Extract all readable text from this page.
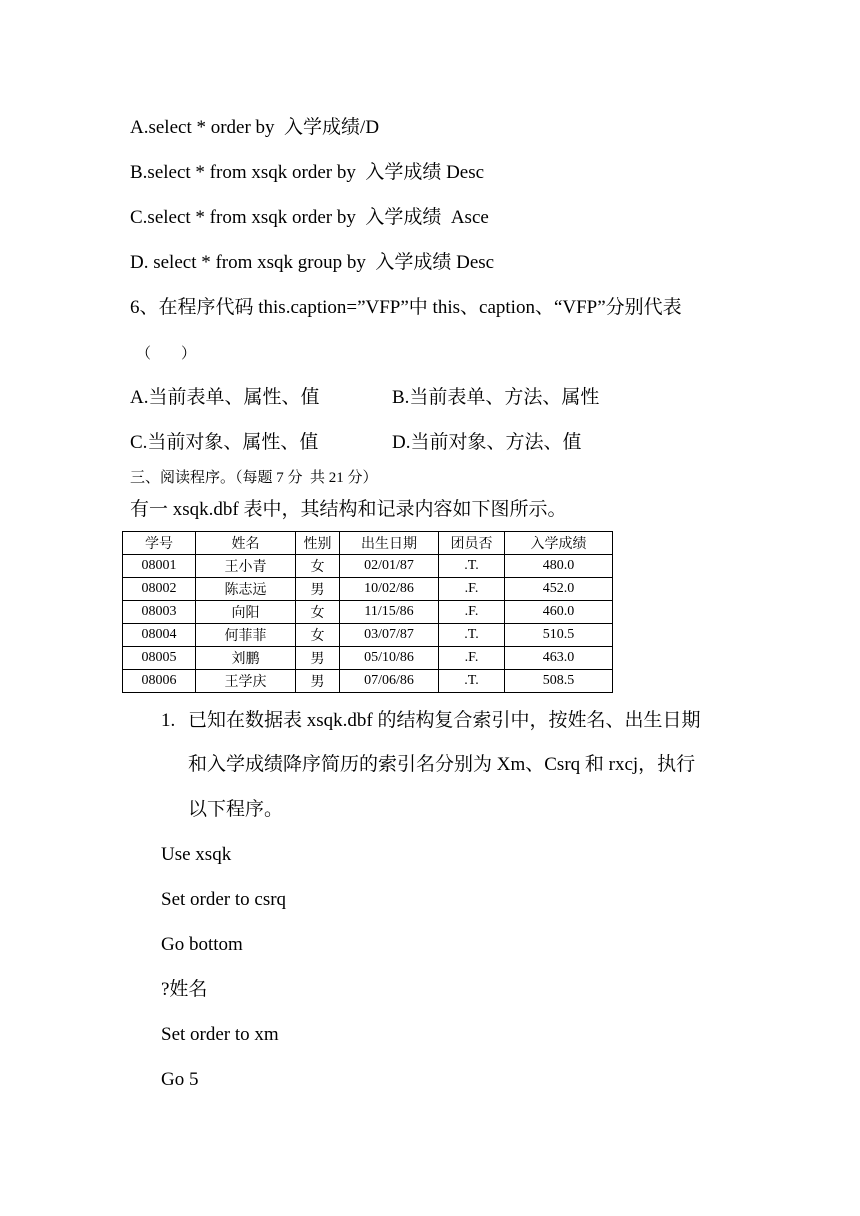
A.select * order by  入学成绩/D
B.select * from xsqk order by  入学成绩 Desc
C.select * from xsqk order by  入学成绩  Asce
D. select * from xsqk group by  入学成绩 Desc
6、在程序代码 this.caption=”VFP”中 this、caption、“VFP”分别代表
（　　）
A.当前表单、属性、值	B.当前表单、方法、属性
C.当前对象、属性、值	D.当前对象、方法、值
三、阅读程序。（每题 7 分  共 21 分）
有一 xsqk.dbf 表中，其结构和记录内容如下图所示。
学号	姓名	性别	出生日期	团员否	入学成绩
08001	王小青	女	02/01/87	.T.	480.0
08002	陈志远	男	10/02/86	.F.	452.0
08003	向阳	女	11/15/86	.F.	460.0
08004	何菲菲	女	03/07/87	.T.	510.5
08005	刘鹏	男	05/10/86	.F.	463.0
08006	王学庆	男	07/06/86	.T.	508.5
1. 已知在数据表 xsqk.dbf 的结构复合索引中，按姓名、出生日期
和入学成绩降序简历的索引名分别为 Xm、Csrq 和 rxcj，执行
以下程序。
Use xsqk
Set order to csrq
Go bottom
?姓名
Set order to xm
Go 5
